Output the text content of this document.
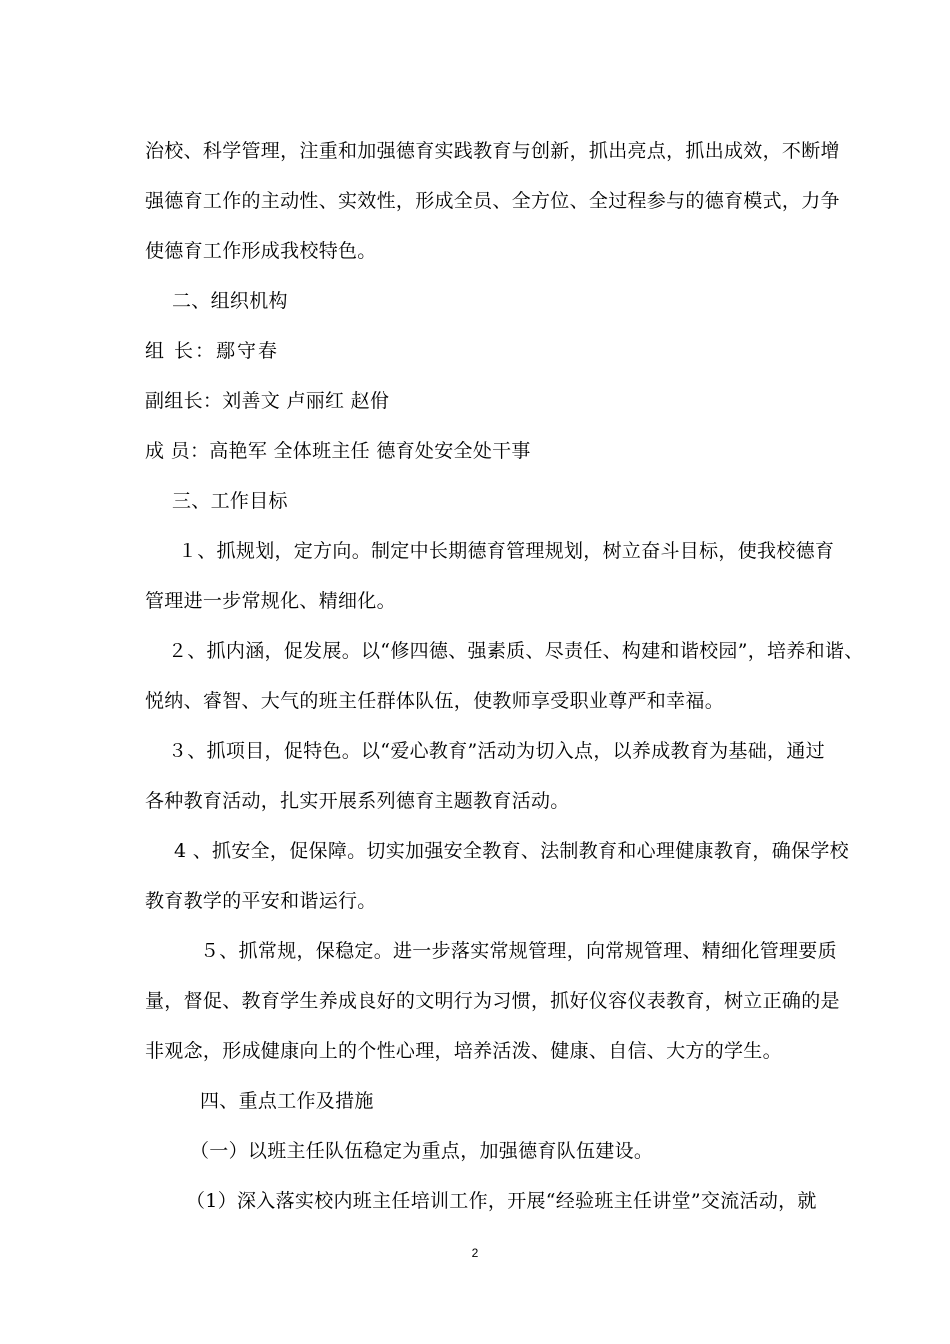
治校、科学管理，注重和加强德育实践教育与创新，抓出亮点，抓出成效，不断增
强德育工作的主动性、实效性，形成全员、全方位、全过程参与的德育模式，力争
使德育工作形成我校特色。
二、组织机构
组 长：鄢守春
副组长：刘善文 卢丽红 赵佾
成 员：高艳军 全体班主任 德育处安全处干事
三、工作目标
１、抓规划，定方向。制定中长期德育管理规划，树立奋斗目标，使我校德育
管理进一步常规化、精细化。
２、抓内涵，促发展。以“修四德、强素质、尽责任、构建和谐校园”，培养和谐、
悦纳、睿智、大气的班主任群体队伍，使教师享受职业尊严和幸福。
３、抓项目，促特色。以“爱心教育”活动为切入点，以养成教育为基础，通过
各种教育活动，扎实开展系列德育主题教育活动。
4 、抓安全，促保障。切实加强安全教育、法制教育和心理健康教育，确保学校
教育教学的平安和谐运行。
５、抓常规，保稳定。进一步落实常规管理，向常规管理、精细化管理要质
量，督促、教育学生养成良好的文明行为习惯，抓好仪容仪表教育，树立正确的是
非观念，形成健康向上的个性心理，培养活泼、健康、自信、大方的学生。
四、重点工作及措施
（一）以班主任队伍稳定为重点，加强德育队伍建设。
（1）深入落实校内班主任培训工作，开展“经验班主任讲堂”交流活动，就
2
